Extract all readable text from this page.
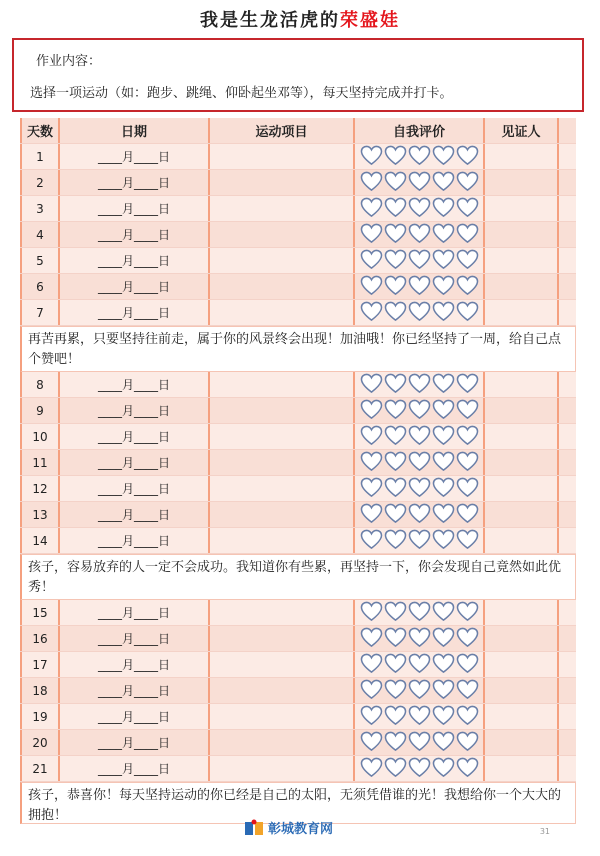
我是生龙活虎的荣盛娃
作业内容：
选择一项运动（如：跑步、跳绳、仰卧起坐邓等），每天坚持完成并打卡。
天数	日期	运动项目	自我评价	见证人
1	____月____日
2	____月____日
3	____月____日
4	____月____日
5	____月____日
6	____月____日
7	____月____日
再苦再累，只要坚持往前走，属于你的风景终会出现！加油哦！你已经坚持了一周，给自己点个赞吧！
8	____月____日
9	____月____日
10	____月____日
11	____月____日
12	____月____日
13	____月____日
14	____月____日
孩子，容易放弃的人一定不会成功。我知道你有些累，再坚持一下，你会发现自己竟然如此优秀！
15	____月____日
16	____月____日
17	____月____日
18	____月____日
19	____月____日
20	____月____日
21	____月____日
孩子，恭喜你！每天坚持运动的你已经是自己的太阳，无须凭借谁的光！我想给你一个大大的拥抱！
彰城教育网	31
